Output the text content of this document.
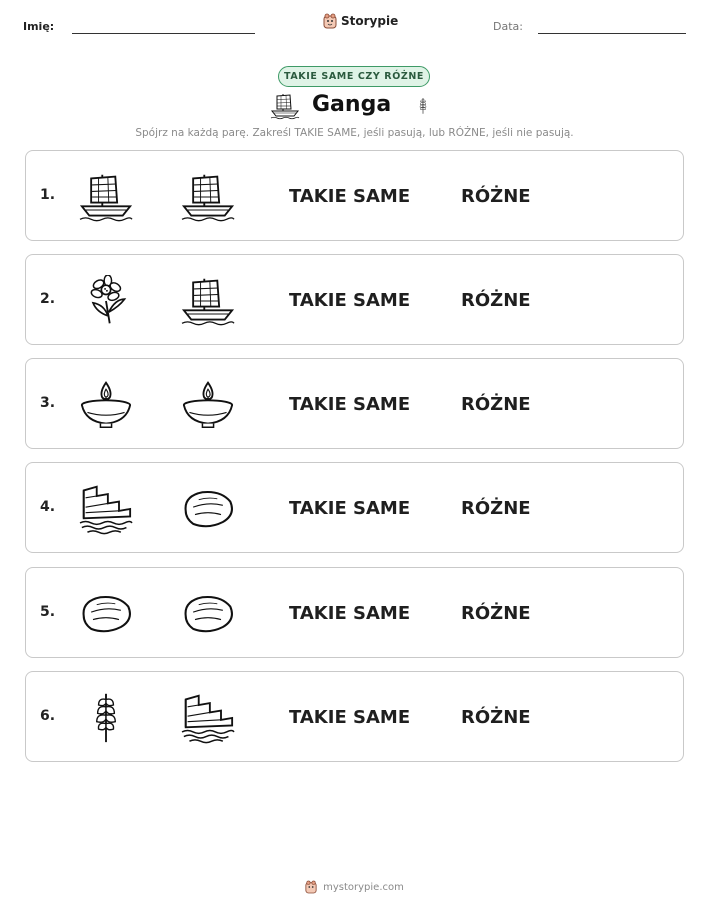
Imię:	Storypie	Data:
TAKIE SAME CZY RÓŻNE
Ganga
Spójrz na każdą parę. Zakreśl TAKIE SAME, jeśli pasują, lub RÓŻNE, jeśli nie pasują.
1.	TAKIE SAME	RÓŻNE
2.	TAKIE SAME	RÓŻNE
3.	TAKIE SAME	RÓŻNE
4.	TAKIE SAME	RÓŻNE
5.	TAKIE SAME	RÓŻNE
6.	TAKIE SAME	RÓŻNE
mystorypie.com
